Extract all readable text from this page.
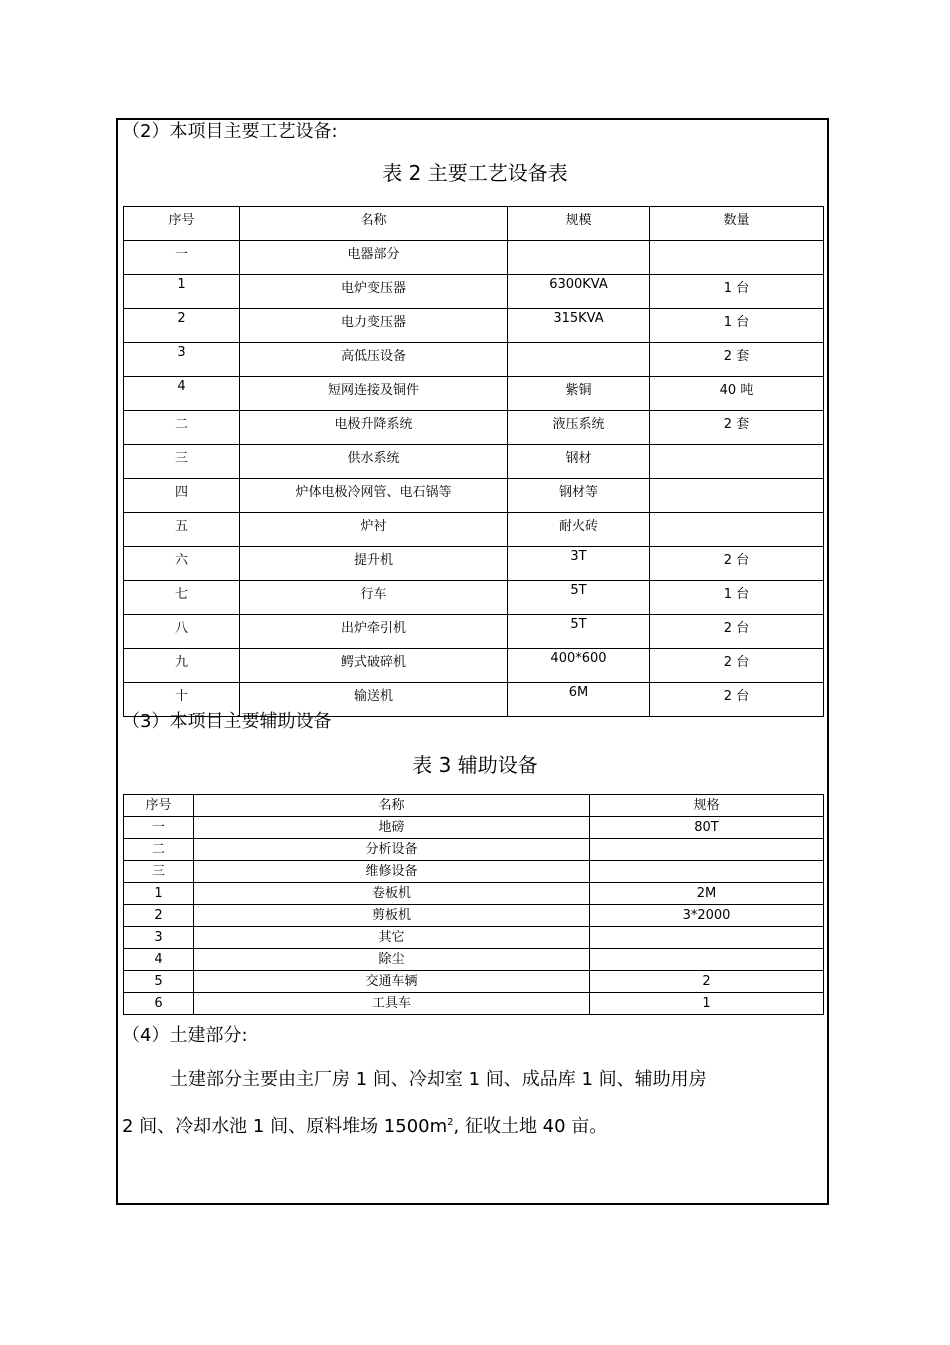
（2）本项目主要工艺设备:
表 2 主要工艺设备表
序号	名称	规模	数量
一	电器部分		
1	电炉变压器	6300KVA	1 台
2	电力变压器	315KVA	1 台
3	高低压设备		2 套
4	短网连接及铜件	紫铜	40 吨
二	电极升降系统	液压系统	2 套
三	供水系统	钢材	
四	炉体电极冷网管、电石锅等	钢材等	
五	炉衬	耐火砖	
六	提升机	3T	2 台
七	行车	5T	1 台
八	出炉牵引机	5T	2 台
九	鳄式破碎机	400*600	2 台
十	输送机	6M	2 台
（3）本项目主要辅助设备
表 3 辅助设备
序号	名称	规格
一	地磅	80T
二	分析设备	
三	维修设备	
1	卷板机	2M
2	剪板机	3*2000
3	其它	
4	除尘	
5	交通车辆	2
6	工具车	1
（4）土建部分:
土建部分主要由主厂房 1 间、冷却室 1 间、成品库 1 间、辅助用房
2 间、冷却水池 1 间、原料堆场 $1500m^2$, 征收土地 40 亩。
